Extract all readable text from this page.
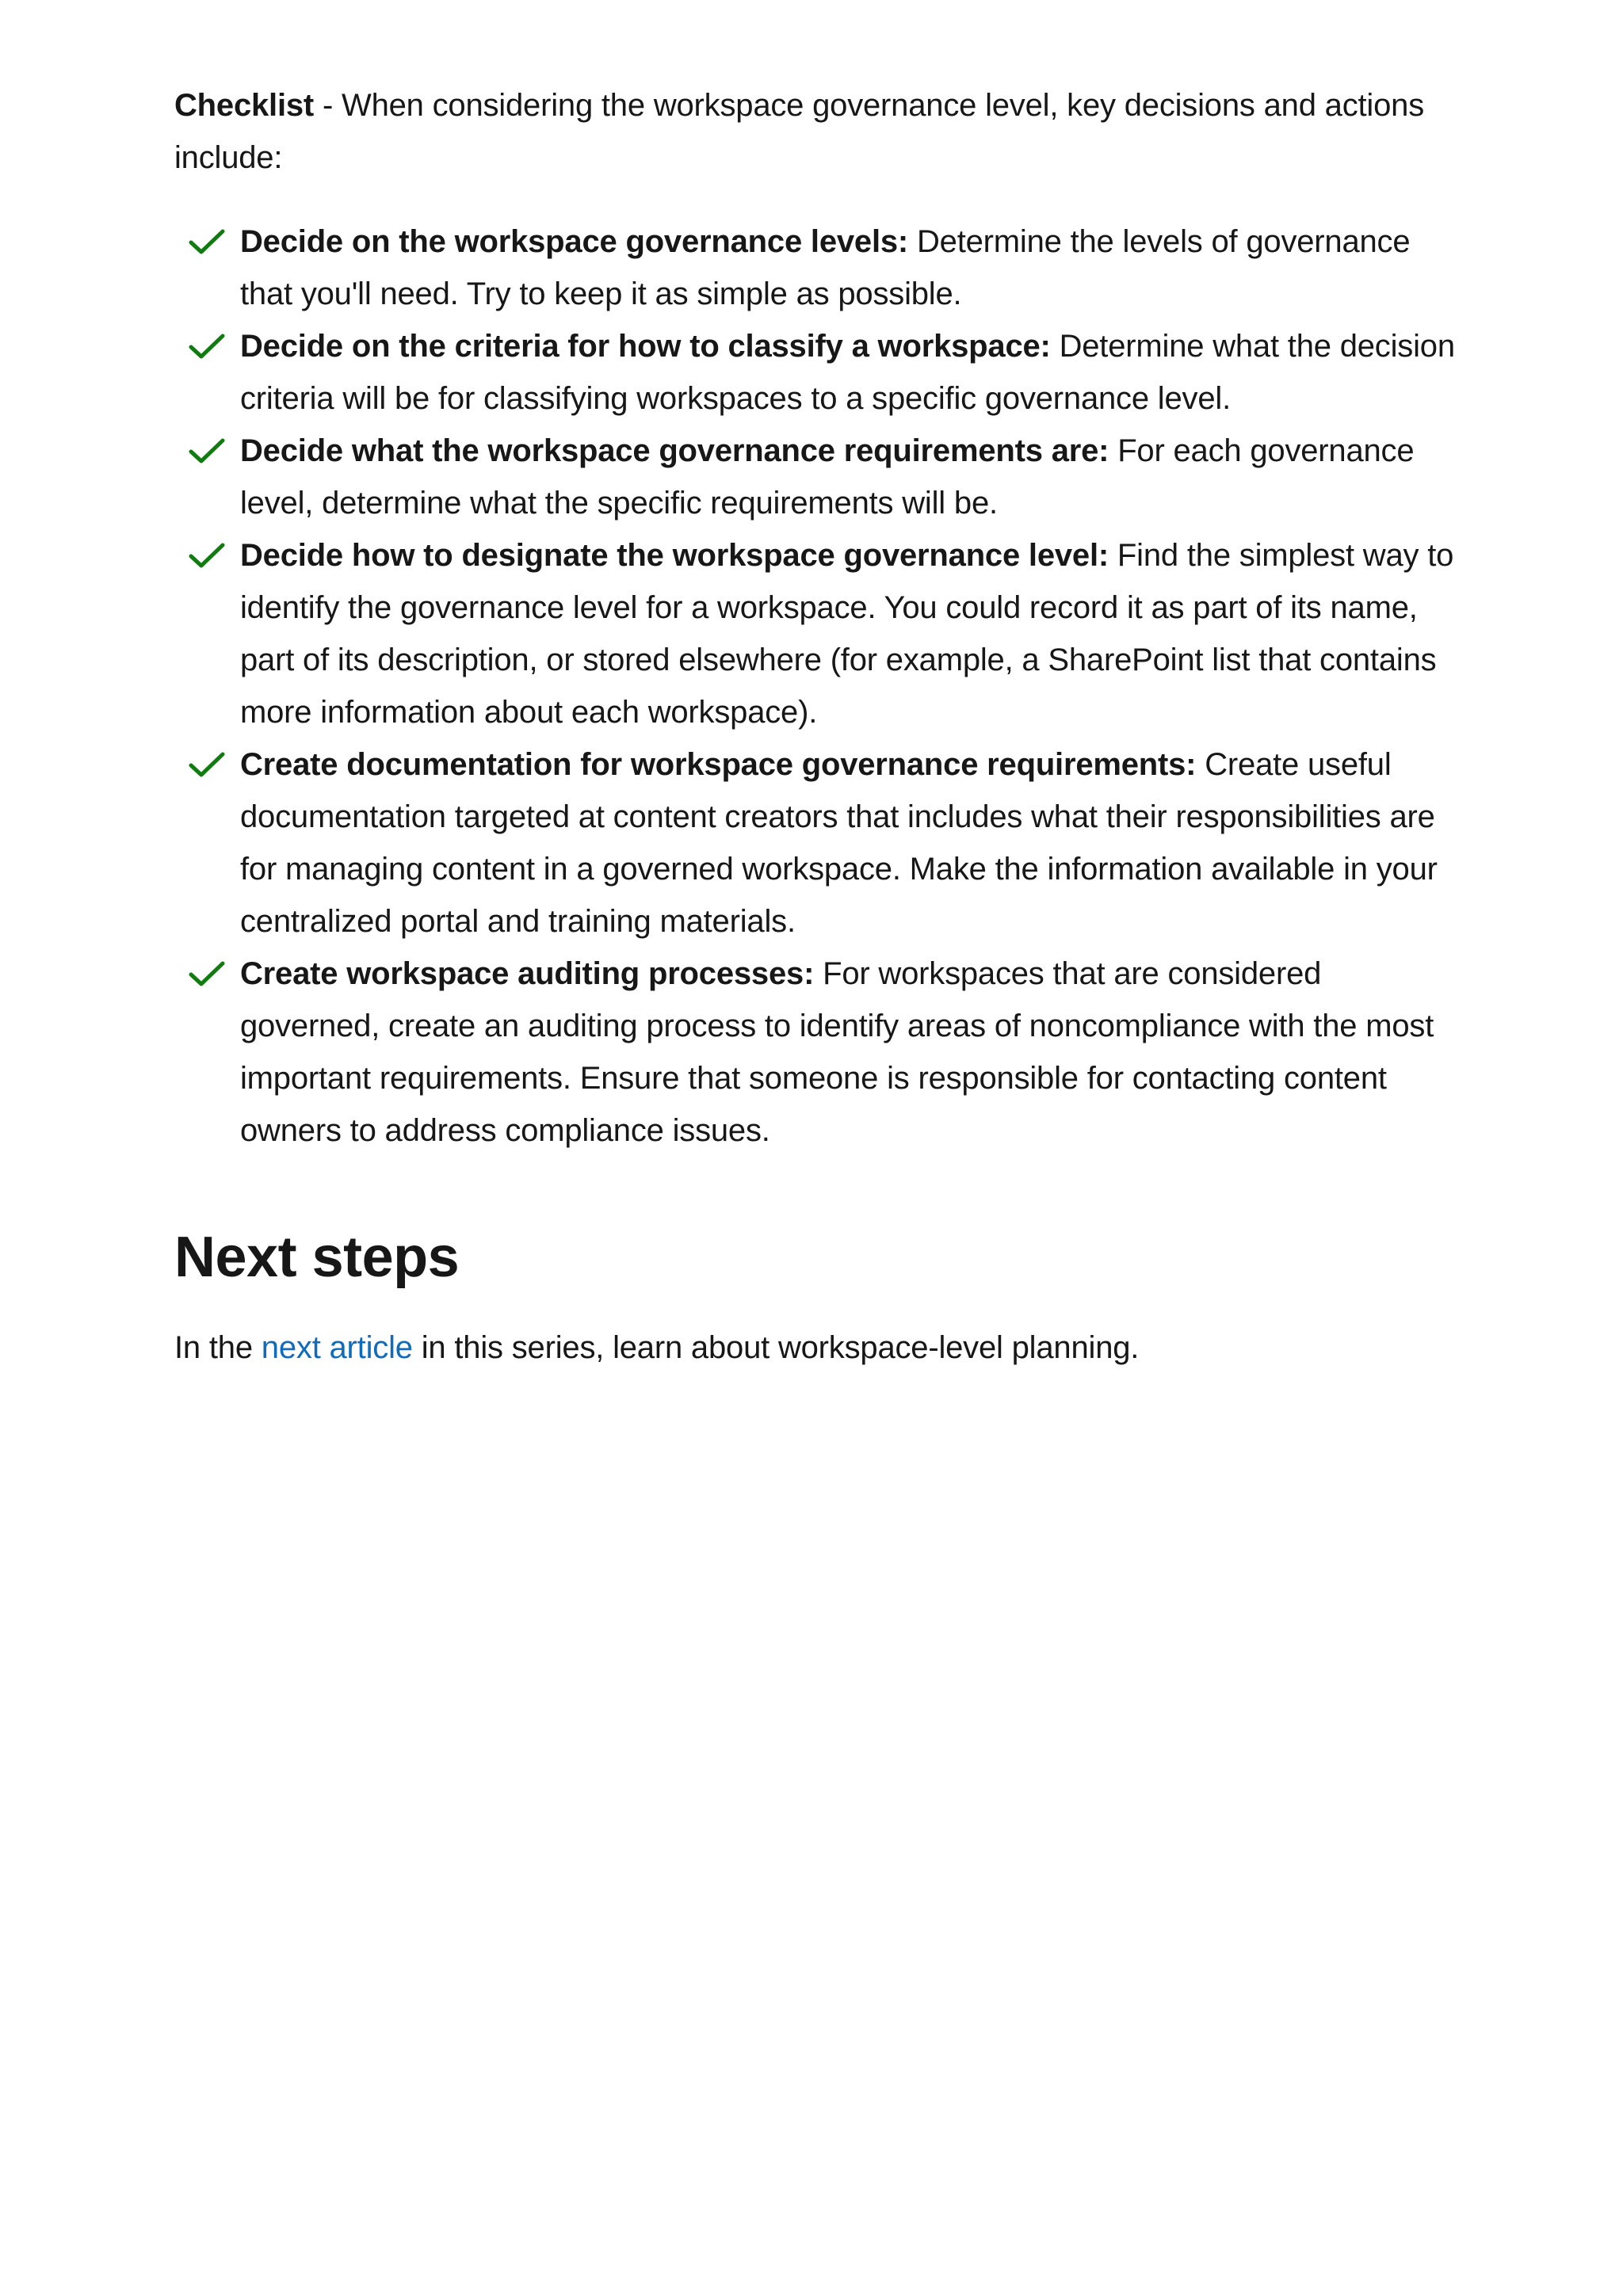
Checklist - When considering the workspace governance level, key decisions and actions include:

Decide on the workspace governance levels: Determine the levels of governance that you'll need. Try to keep it as simple as possible.
Decide on the criteria for how to classify a workspace: Determine what the decision criteria will be for classifying workspaces to a specific governance level.
Decide what the workspace governance requirements are: For each governance level, determine what the specific requirements will be.
Decide how to designate the workspace governance level: Find the simplest way to identify the governance level for a workspace. You could record it as part of its name, part of its description, or stored elsewhere (for example, a SharePoint list that contains more information about each workspace).
Create documentation for workspace governance requirements: Create useful documentation targeted at content creators that includes what their responsibilities are for managing content in a governed workspace. Make the information available in your centralized portal and training materials.
Create workspace auditing processes: For workspaces that are considered governed, create an auditing process to identify areas of noncompliance with the most important requirements. Ensure that someone is responsible for contacting content owners to address compliance issues.
Next steps

In the next article in this series, learn about workspace-level planning.
